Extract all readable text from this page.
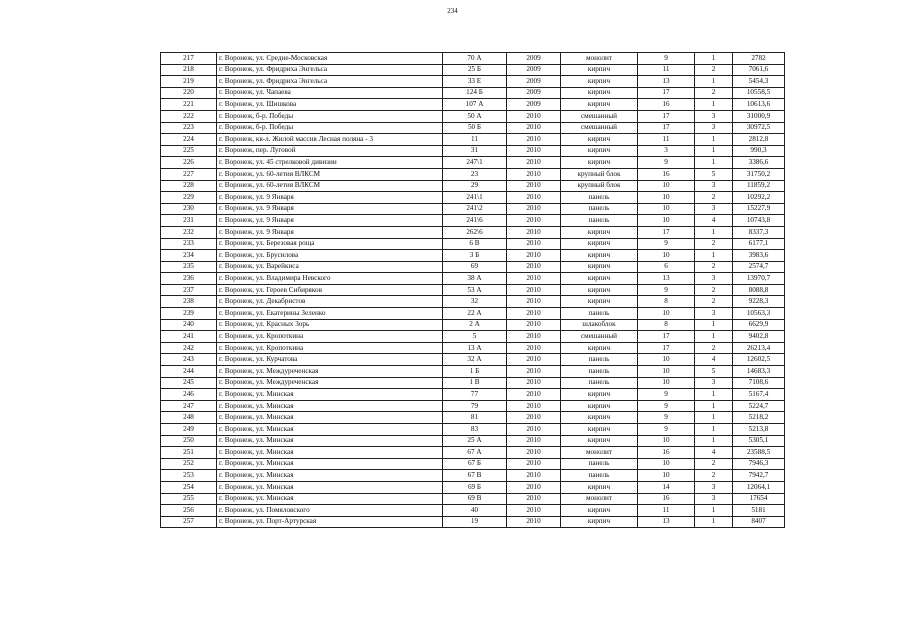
234
217	г. Воронеж, ул. Средне-Московская	70 А	2009	монолит	9	1	2782
218	г. Воронеж, ул. Фридриха Энгельса	25 Б	2009	кирпич	11	2	7061,6
219	г. Воронеж, ул. Фридриха Энгельса	33 Е	2009	кирпич	13	1	5454,3
220	г. Воронеж, ул. Чапаева	124 Б	2009	кирпич	17	2	10558,5
221	г. Воронеж, ул. Шишкова	107 А	2009	кирпич	16	1	10613,6
222	г. Воронеж, б-р. Победы	50 А	2010	смешанный	17	3	31000,9
223	г. Воронеж, б-р. Победы	50 Б	2010	смешанный	17	3	30972,5
224	г. Воронеж, кв-л. Жилой массив Лесная поляна - 3	11	2010	кирпич	11	1	2812,8
225	г. Воронеж, пер. Луговой	31	2010	кирпич	3	1	990,3
226	г. Воронеж, ул. 45 стрелковой дивизии	247\1	2010	кирпич	9	1	3386,6
227	г. Воронеж, ул. 60-летия ВЛКСМ	23	2010	крупный блок	16	5	31750,2
228	г. Воронеж, ул. 60-летия ВЛКСМ	29	2010	крупный блок	10	3	11859,2
229	г. Воронеж, ул. 9 Января	241\1	2010	панель	10	2	10292,2
230	г. Воронеж, ул. 9 Января	241\2	2010	панель	10	3	15227,9
231	г. Воронеж, ул. 9 Января	241\6	2010	панель	10	4	10743,8
232	г. Воронеж, ул. 9 Января	262\6	2010	кирпич	17	1	8337,3
233	г. Воронеж, ул. Березовая роща	6 В	2010	кирпич	9	2	6177,1
234	г. Воронеж, ул. Брусилова	3 Б	2010	кирпич	10	1	3983,6
235	г. Воронеж, ул. Варейкиса	69	2010	кирпич	6	2	2574,7
236	г. Воронеж, ул. Владимира Невского	38 А	2010	кирпич	13	3	13970,7
237	г. Воронеж, ул. Героев Сибиряков	53 А	2010	кирпич	9	2	8088,8
238	г. Воронеж, ул. Декабристов	32	2010	кирпич	8	2	9228,3
239	г. Воронеж, ул. Екатерины Зеленко	22 А	2010	панель	10	3	10563,3
240	г. Воронеж, ул. Красных Зорь	2 А	2010	шлакоблок	8	1	6629,9
241	г. Воронеж, ул. Кропоткина	5	2010	смешанный	17	1	9402,8
242	г. Воронеж, ул. Кропоткина	13 А	2010	кирпич	17	2	26213,4
243	г. Воронеж, ул. Курчатова	32 А	2010	панель	10	4	12602,5
244	г. Воронеж, ул. Междуреченская	1 Б	2010	панель	10	5	14683,3
245	г. Воронеж, ул. Междуреченская	1 В	2010	панель	10	3	7108,6
246	г. Воронеж, ул. Минская	77	2010	кирпич	9	1	5167,4
247	г. Воронеж, ул. Минская	79	2010	кирпич	9	1	5224,7
248	г. Воронеж, ул. Минская	81	2010	кирпич	9	1	5218,2
249	г. Воронеж, ул. Минская	83	2010	кирпич	9	1	5213,8
250	г. Воронеж, ул. Минская	25 А	2010	кирпич	10	1	5305,1
251	г. Воронеж, ул. Минская	67 А	2010	монолит	16	4	23588,5
252	г. Воронеж, ул. Минская	67 Б	2010	панель	10	2	7946,3
253	г. Воронеж, ул. Минская	67 В	2010	панель	10	2	7942,7
254	г. Воронеж, ул. Минская	69 Б	2010	кирпич	14	3	12064,1
255	г. Воронеж, ул. Минская	69 В	2010	монолит	16	3	17654
256	г. Воронеж, ул. Помяловского	40	2010	кирпич	11	1	5181
257	г. Воронеж, ул. Порт-Артурская	19	2010	кирпич	13	1	8407
